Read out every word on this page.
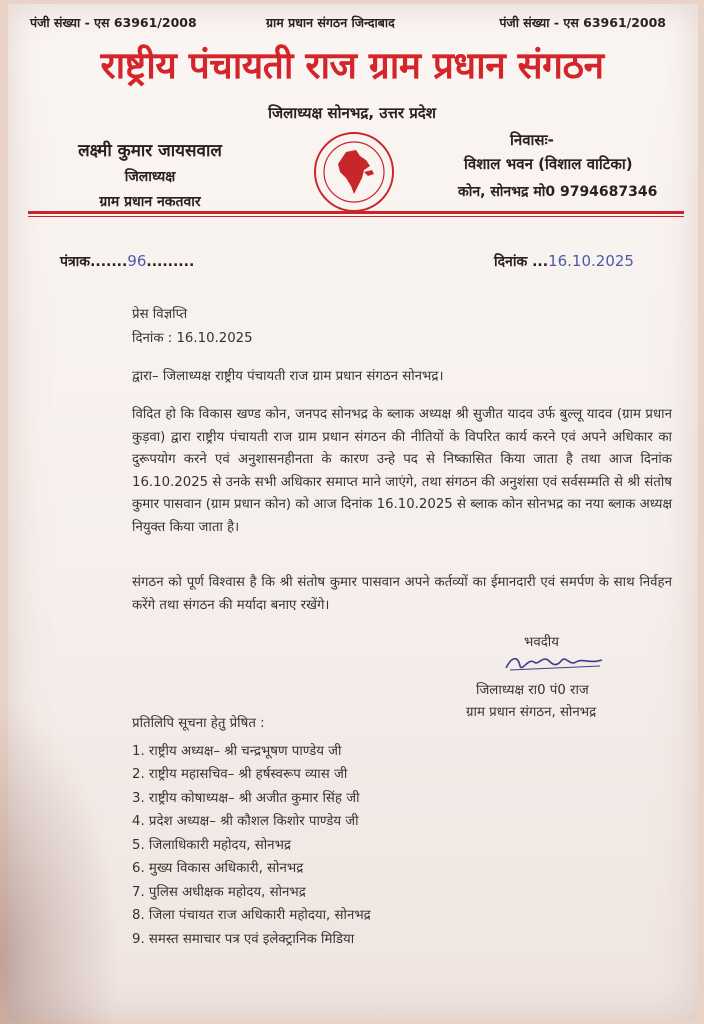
पंजी संख्या - एस 63961/2008	ग्राम प्रधान संगठन जिन्दाबाद	पंजी संख्या - एस 63961/2008
राष्ट्रीय पंचायती राज ग्राम प्रधान संगठन
जिलाध्यक्ष सोनभद्र, उत्तर प्रदेश
लक्ष्मी कुमार जायसवाल
जिलाध्यक्ष
ग्राम प्रधान नकतवार
निवासः-
विशाल भवन (विशाल वाटिका)
कोन, सोनभद्र मो0 9794687346
पंत्राक.......96.........	दिनांक ...16.10.2025
प्रेस विज्ञप्ति
दिनांक : 16.10.2025
द्वारा– जिलाध्यक्ष राष्ट्रीय पंचायती राज ग्राम प्रधान संगठन सोनभद्र।
विदित हो कि विकास खण्ड कोन, जनपद सोनभद्र के ब्लाक अध्यक्ष श्री सुजीत यादव उर्फ बुल्लू यादव (ग्राम प्रधान कुड़वा) द्वारा राष्ट्रीय पंचायती राज ग्राम प्रधान संगठन की नीतियों के विपरित कार्य करने एवं अपने अधिकार का दुरूपयोग करने एवं अनुशासनहीनता के कारण उन्हे पद से निष्कासित किया जाता है तथा आज दिनांक 16.10.2025 से उनके सभी अधिकार समाप्त माने जाएंगे, तथा संगठन की अनुशंसा एवं सर्वसम्मति से श्री संतोष कुमार पासवान (ग्राम प्रधान कोन) को आज दिनांक 16.10.2025 से ब्लाक कोन सोनभद्र का नया ब्लाक अध्यक्ष नियुक्त किया जाता है।
संगठन को पूर्ण विश्वास है कि श्री संतोष कुमार पासवान अपने कर्तव्यों का ईमानदारी एवं समर्पण के साथ निर्वहन करेंगे तथा संगठन की मर्यादा बनाए रखेंगे।
भवदीय
जिलाध्यक्ष रा0 पं0 राज
ग्राम प्रधान संगठन, सोनभद्र
प्रतिलिपि सूचना हेतु प्रेषित :
1. राष्ट्रीय अध्यक्ष– श्री चन्द्रभूषण पाण्डेय जी
2. राष्ट्रीय महासचिव– श्री हर्षस्वरूप व्यास जी
3. राष्ट्रीय कोषाध्यक्ष– श्री अजीत कुमार सिंह जी
4. प्रदेश अध्यक्ष– श्री कौशल किशोर पाण्डेय जी
5. जिलाधिकारी महोदय, सोनभद्र
6. मुख्य विकास अधिकारी, सोनभद्र
7. पुलिस अधीक्षक महोदय, सोनभद्र
8. जिला पंचायत राज अधिकारी महोदया, सोनभद्र
9. समस्त समाचार पत्र एवं इलेक्ट्रानिक मिडिया
